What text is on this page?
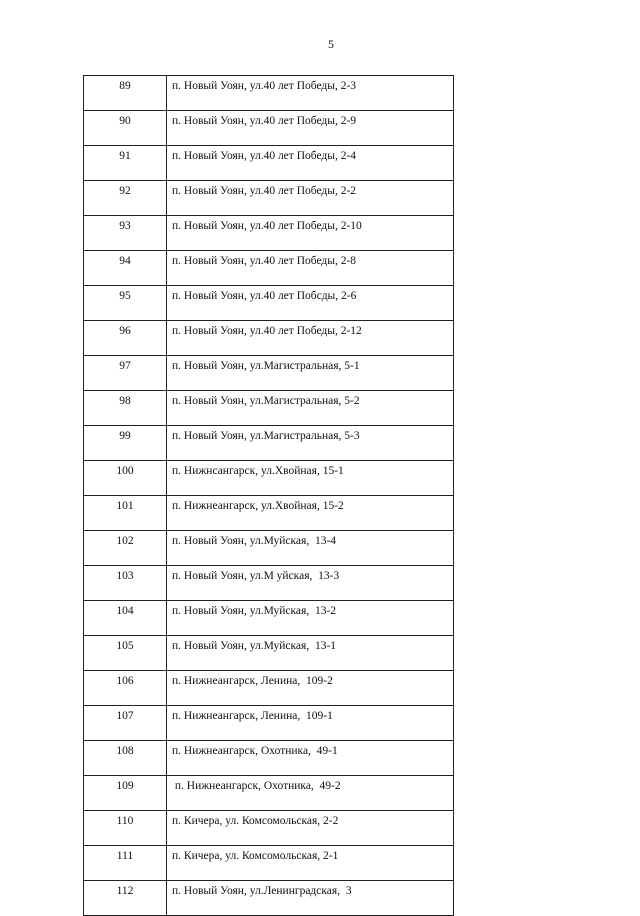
5
89	п. Новый Уоян, ул.40 лет Победы, 2-3
90	п. Новый Уоян, ул.40 лет Победы, 2-9
91	п. Новый Уоян, ул.40 лет Победы, 2-4
92	п. Новый Уоян, ул.40 лет Победы, 2-2
93	п. Новый Уоян, ул.40 лет Победы, 2-10
94	п. Новый Уоян, ул.40 лет Победы, 2-8
95	п. Новый Уоян, ул.40 лет Побсды, 2-6
96	п. Новый Уоян, ул.40 лет Победы, 2-12
97	п. Новый Уоян, ул.Магистральная, 5-1
98	п. Новый Уоян, ул.Магистральная, 5-2
99	п. Новый Уоян, ул.Магистральная, 5-3
100	п. Нижнсангарск, ул.Хвойная, 15-1
101	п. Нижнеангарск, ул.Хвойная, 15-2
102	п. Новый Уоян, ул.Муйская,  13-4
103	п. Новый Уоян, ул.М уйская,  13-3
104	п. Новый Уоян, ул.Муйская,  13-2
105	п. Новый Уоян, ул.Муйская,  13-1
106	п. Нижнеангарск, Ленина,  109-2
107	п. Нижнеангарск, Ленина,  109-1
108	п. Нижнеангарск, Охотника,  49-1
109	п. Нижнеангарск, Охотника,  49-2
110	п. Кичера, ул. Комсомольская, 2-2
111	п. Кичера, ул. Комсомольская, 2-1
112	п. Новый Уоян, ул.Ленинградская,  3
